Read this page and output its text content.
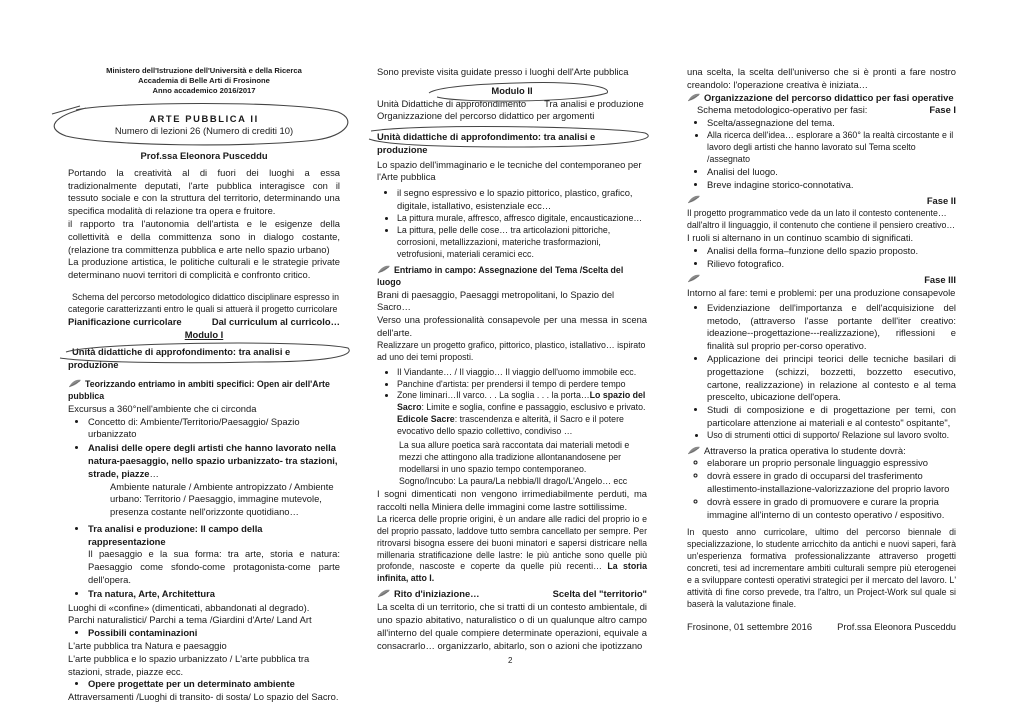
Ministero dell'Istruzione dell'Università e della Ricerca

Accademia di Belle Arti di Frosinone

Anno accademico 2016/2017

ARTE PUBBLICA II

Numero di lezioni 26 (Numero di crediti 10)

Prof.ssa Eleonora Pusceddu

Portando la creatività al di fuori dei luoghi a essa tradizionalmente deputati, l'arte pubblica interagisce con il tessuto sociale e con la struttura del territorio, determinando una specifica modalità di relazione tra opera e fruitore.

il rapporto tra l'autonomia dell'artista e le esigenze della collettività e della committenza sono in dialogo costante, (relazione tra committenza pubblica e arte nello spazio urbano)

La produzione artistica, le politiche culturali e le strategie private determinano nuovi territori di complicità e confronto critico.

Schema del percorso metodologico didattico disciplinare espresso in categorie caratterizzanti entro le quali si attuerà il progetto curricolare

Pianificazione curricolare	Dal curriculum al curricolo…

Modulo I

Unità didattiche di approfondimento: tra analisi e produzione

Teorizzando entriamo in ambiti specifici: Open air dell'Arte pubblica

Excursus a 360°nell'ambiente che ci circonda

• Concetto di: Ambiente/Territorio/Paesaggio/ Spazio urbanizzato
• Analisi delle opere degli artisti che hanno lavorato nella natura-paesaggio, nello spazio urbanizzato- tra stazioni, strade, piazze…

Ambiente naturale / Ambiente antropizzato / Ambiente urbano: Territorio / Paesaggio, immagine mutevole, presenza costante nell'orizzonte quotidiano…

• Tra analisi e produzione: Il campo della rappresentazione

Il paesaggio e la sua forma: tra arte, storia e natura: Paesaggio come sfondo-come protagonista-come parte dell'opera.

• Tra natura, Arte, Architettura

Luoghi di «confine» (dimenticati, abbandonati al degrado).

Parchi naturalistici/ Parchi a tema /Giardini d'Arte/ Land Art

• Possibili contaminazioni

L'arte pubblica tra Natura e paesaggio

L'arte pubblica e lo spazio urbanizzato / L'arte pubblica tra stazioni, strade, piazze ecc.

• Opere progettate per un determinato ambiente

Attraversamenti /Luoghi di transito- di sosta/ Lo spazio del Sacro.

Sono previste visita guidate presso i luoghi dell'Arte pubblica

Modulo II

Unità Didattiche di approfondimento Tra analisi e produzione

Organizzazione del percorso didattico per argomenti

Unità didattiche di approfondimento: tra analisi e produzione

Lo spazio dell'immaginario e le tecniche del contemporaneo per l'Arte pubblica

• il segno espressivo e lo spazio pittorico, plastico, grafico, digitale, istallativo, esistenziale ecc…
• La pittura murale, affresco, affresco digitale, encausticazione…
• La pittura, pelle delle cose… tra articolazioni pittoriche, corrosioni, metallizzazioni, materiche trasformazioni, vetrofusioni, materiali ceramici ecc.

Entriamo in campo: Assegnazione del Tema /Scelta del luogo

Brani di paesaggio, Paesaggi metropolitani, lo Spazio del Sacro…

Verso una professionalità consapevole per una messa in scena dell'arte.

Realizzare un progetto grafico, pittorico, plastico, istallativo… ispirato ad uno dei temi proposti.

• Il Viandante… / Il viaggio… Il viaggio dell'uomo immobile ecc.
• Panchine d'artista: per prendersi il tempo di perdere tempo
• Zone liminari…Il varco. . . La soglia . . . la porta…Lo spazio del Sacro: Limite e soglia, confine e passaggio, esclusivo e privato. Edicole Sacre: trascendenza e alterità, il Sacro e il potere evocativo dello spazio collettivo, condiviso …

La sua allure poetica sarà raccontata dai materiali metodi e mezzi che attingono alla tradizione allontanandosene per modellarsi in uno spazio tempo contemporaneo.

Sogno/Incubo: La paura/La nebbia/Il drago/L'Angelo… ecc

I sogni dimenticati non vengono irrimediabilmente perduti, ma raccolti nella Miniera delle immagini come lastre sottilissime.

La ricerca delle proprie origini, è un andare alle radici del proprio io e del proprio passato, laddove tutto sembra cancellato per sempre. Per ritrovarsi bisogna essere dei buoni minatori e sapersi districare nella millenaria stratificazione delle lastre: le più antiche sono quelle più profonde, nascoste e coperte da quelle più recenti… La storia infinita, atto I.

Rito d'iniziazione…	Scelta del "territorio"

La scelta di un territorio, che si tratti di un contesto ambientale, di uno spazio abitativo, naturalistico o di un qualunque altro campo all'interno del quale compiere determinate operazioni, equivale a consacrarlo… organizzarlo, abitarlo, son o azioni che ipotizzano

2

una scelta, la scelta dell'universo che si è pronti a fare nostro creandolo: l'operazione creativa è iniziata…

Organizzazione del percorso didattico per fasi operative

Schema metodologico-operativo per fasi:	Fase I
• Scelta/assegnazione del tema.
• Alla ricerca dell'idea… esplorare a 360° la realtà circostante e il lavoro degli artisti che hanno lavorato sul Tema scelto /assegnato
• Analisi del luogo.
• Breve indagine storico-connotativa.
Fase II

Il progetto programmatico vede da un lato il contesto contenente… dall'altro il linguaggio, il contenuto che contiene il pensiero creativo…

I ruoli si alternano in un continuo scambio di significati.

• Analisi della forma–funzione dello spazio proposto.
• Rilievo fotografico.
Fase III

Intorno al fare: temi e problemi: per una produzione consapevole

• Evidenziazione dell'importanza e dell'acquisizione del metodo, (attraverso l'asse portante dell'iter creativo: ideazione--progettazione---realizzazione), riflessioni e finalità sul proprio per-corso operativo.
• Applicazione dei principi teorici delle tecniche basilari di progettazione (schizzi, bozzetti, bozzetto esecutivo, cartone, realizzazione) in relazione al contesto e al tema prescelto, ubicazione dell'opera.
• Studi di composizione e di progettazione per temi, con particolare attenzione ai materiali e al contesto" ospitante",
• Uso di strumenti ottici di supporto/ Relazione sul lavoro svolto.

Attraverso la pratica operativa lo studente dovrà:

◦ elaborare un proprio personale linguaggio espressivo
◦ dovrà essere in grado di occuparsi del trasferimento allestimento-installazione-valorizzazione del proprio lavoro
◦ dovrà essere in grado di promuovere e curare la propria immagine all'interno di un contesto operativo / espositivo.

In questo anno curricolare, ultimo del percorso biennale di specializzazione, lo studente arricchito da antichi e nuovi saperi, farà un'esperienza formativa professionalizzante attraverso progetti concreti, tesi ad incrementare ambiti culturali sempre più eterogenei e a sviluppare contesti operativi strategici per il mercato del lavoro. L' attività di fine corso prevede, tra l'altro, un Project-Work sul quale si baserà la valutazione finale.

Frosinone, 01 settembre 2016	Prof.ssa Eleonora Pusceddu
